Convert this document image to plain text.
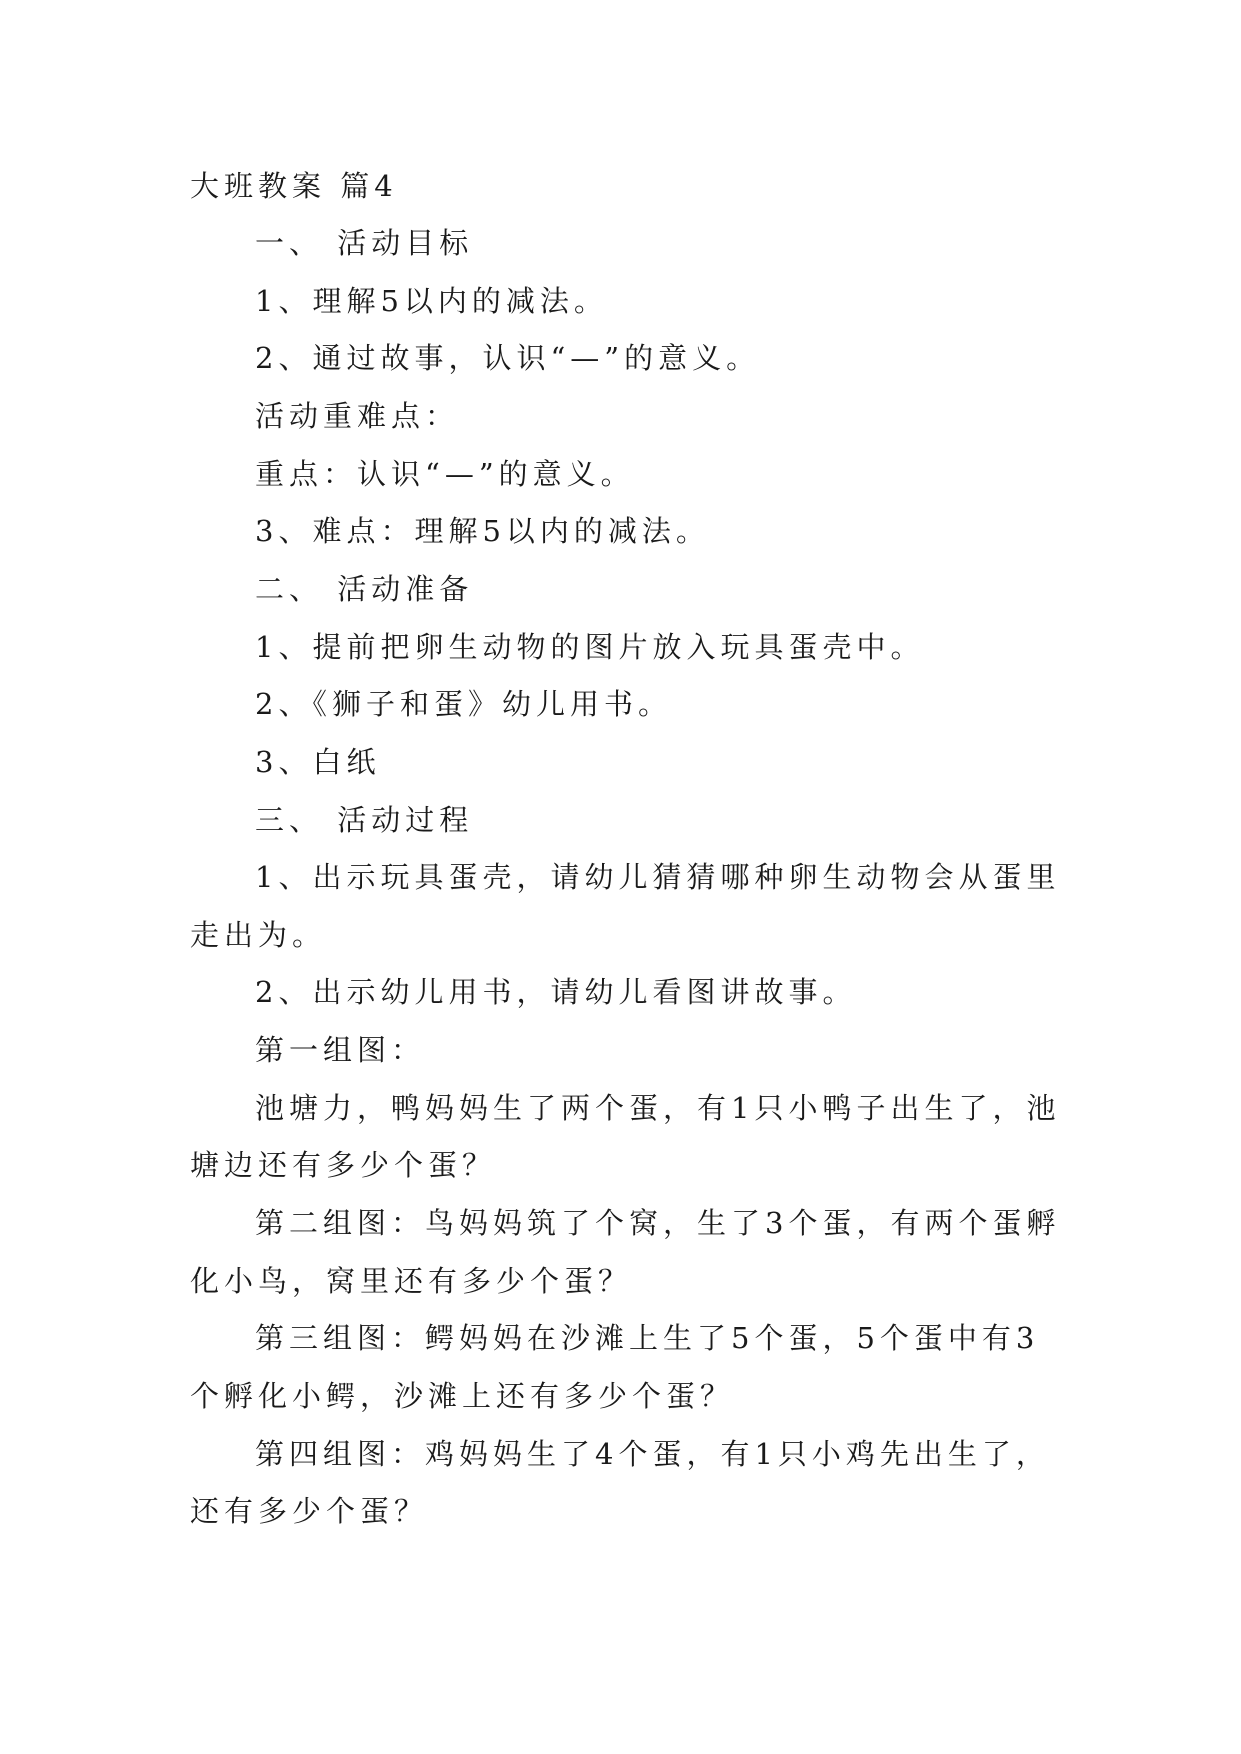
大班教案 篇4

一、 活动目标

1、理解5以内的减法。

2、通过故事，认识“—”的意义。

活动重难点：

重点：认识“—”的意义。

3、难点：理解5以内的减法。

二、 活动准备

1、提前把卵生动物的图片放入玩具蛋壳中。

2、《狮子和蛋》幼儿用书。

3、白纸

三、 活动过程

1、出示玩具蛋壳，请幼儿猜猜哪种卵生动物会从蛋里

走出为。

2、出示幼儿用书，请幼儿看图讲故事。

第一组图：

池塘力，鸭妈妈生了两个蛋，有1只小鸭子出生了，池

塘边还有多少个蛋？

第二组图：鸟妈妈筑了个窝，生了3个蛋，有两个蛋孵

化小鸟，窝里还有多少个蛋？

第三组图：鳄妈妈在沙滩上生了5个蛋，5个蛋中有3

个孵化小鳄，沙滩上还有多少个蛋？

第四组图：鸡妈妈生了4个蛋，有1只小鸡先出生了，

还有多少个蛋？
